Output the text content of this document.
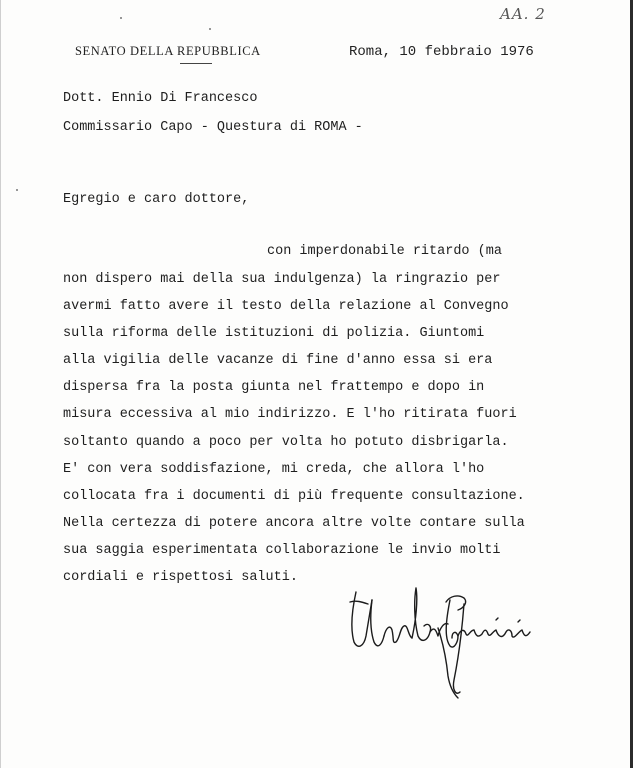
AA. 2
SENATO DELLA REPUBBLICA	Roma, 10 febbraio 1976
Dott. Ennio Di Francesco
Commissario Capo - Questura di ROMA -
Egregio e caro dottore,
con imperdonabile ritardo (ma
non dispero mai della sua indulgenza) la ringrazio per
avermi fatto avere il testo della relazione al Convegno
sulla riforma delle istituzioni di polizia. Giuntomi
alla vigilia delle vacanze di fine d'anno essa si era
dispersa fra la posta giunta nel frattempo e dopo in
misura eccessiva al mio indirizzo. E l'ho ritirata fuori
soltanto quando a poco per volta ho potuto disbrigarla.
E' con vera soddisfazione, mi creda, che allora l'ho
collocata fra i documenti di più frequente consultazione.
Nella certezza di potere ancora altre volte contare sulla
sua saggia esperimentata collaborazione le invio molti
cordiali e rispettosi saluti.
